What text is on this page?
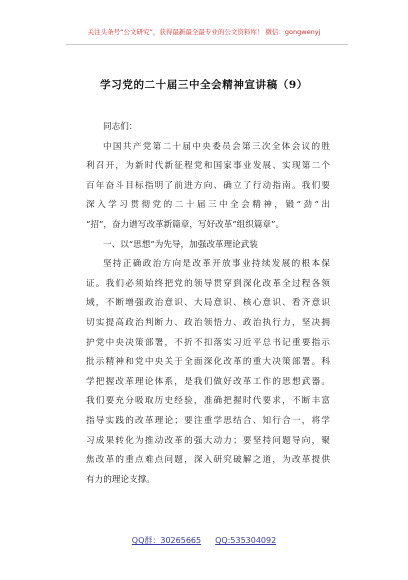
关注头条号“公文研究”，获得最新最全最专业的公文资料库！ 微信：gongwenyj
学习党的二十届三中全会精神宣讲稿（9）

同志们：

中国共产党第二十届中央委员会第三次全体会议的胜
利召开，为新时代新征程党和国家事业发展、实现第二个
百年奋斗目标指明了前进方向、确立了行动指南。我们要
深入学习贯彻党的二十届三中全会精神，锻“劲”出
“招”，奋力谱写改革新篇章，写好改革“组织篇章”。

一、以“思想”为先导，加强改革理论武装

坚持正确政治方向是改革开放事业持续发展的根本保
证。我们必须始终把党的领导贯穿到深化改革全过程各领
域，不断增强政治意识、大局意识、核心意识、看齐意识
切实提高政治判断力、政治领悟力、政治执行力，坚决拥
护党中央决策部署，不折不扣落实习近平总书记重要指示
批示精神和党中央关于全面深化改革的重大决策部署。科
学把握改革理论体系，是我们做好改革工作的思想武器。
我们要充分吸取历史经验，准确把握时代要求，不断丰富
指导实践的改革理论；要注重学思结合、知行合一，将学
习成果转化为推动改革的强大动力；要坚持问题导向，聚
焦改革的重点难点问题，深入研究破解之道，为改革提供
有力的理论支撑。

QQ群：30265665 QQ:535304092
